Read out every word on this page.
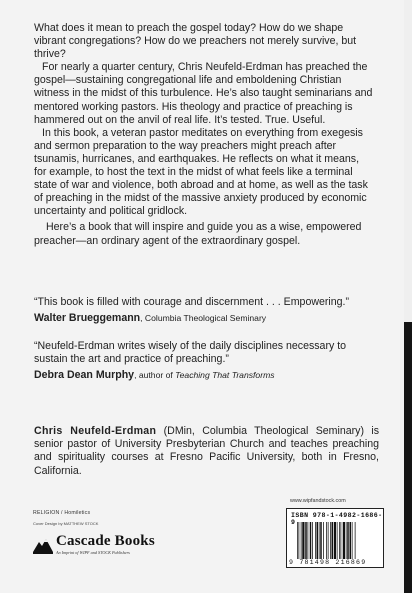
What does it mean to preach the gospel today? How do we shape vibrant congregations? How do we preachers not merely survive, but thrive?

For nearly a quarter century, Chris Neufeld-Erdman has preached the gospel—sustaining congregational life and emboldening Christian witness in the midst of this turbulence. He’s also taught seminarians and mentored working pastors. His theology and practice of preaching is hammered out on the anvil of real life. It’s tested. True. Useful.

In this book, a veteran pastor meditates on everything from exegesis and sermon preparation to the way preachers might preach after tsunamis, hurricanes, and earthquakes. He reflects on what it means, for example, to host the text in the midst of what feels like a terminal state of war and violence, both abroad and at home, as well as the task of preaching in the midst of the massive anxiety produced by economic uncertainty and political gridlock.

Here’s a book that will inspire and guide you as a wise, empowered preacher—an ordinary agent of the extraordinary gospel.

“This book is filled with courage and discernment . . . Empowering.”
Walter Brueggemann, Columbia Theological Seminary
“Neufeld-Erdman writes wisely of the daily disciplines necessary to sustain the art and practice of preaching.”
Debra Dean Murphy, author of Teaching That Transforms
Chris Neufeld-Erdman (DMin, Columbia Theological Seminary) is senior pastor of University Presbyterian Church and teaches preaching and spirituality courses at Fresno Pacific University, both in Fresno, California.
RELIGION / Homiletics
Cover Design by MATTHEW STOCK
Cascade Books
An Imprint of WIPF and STOCK Publishers
www.wipfandstock.com
ISBN 978-1-4982-1686-9
9 781498 216869
